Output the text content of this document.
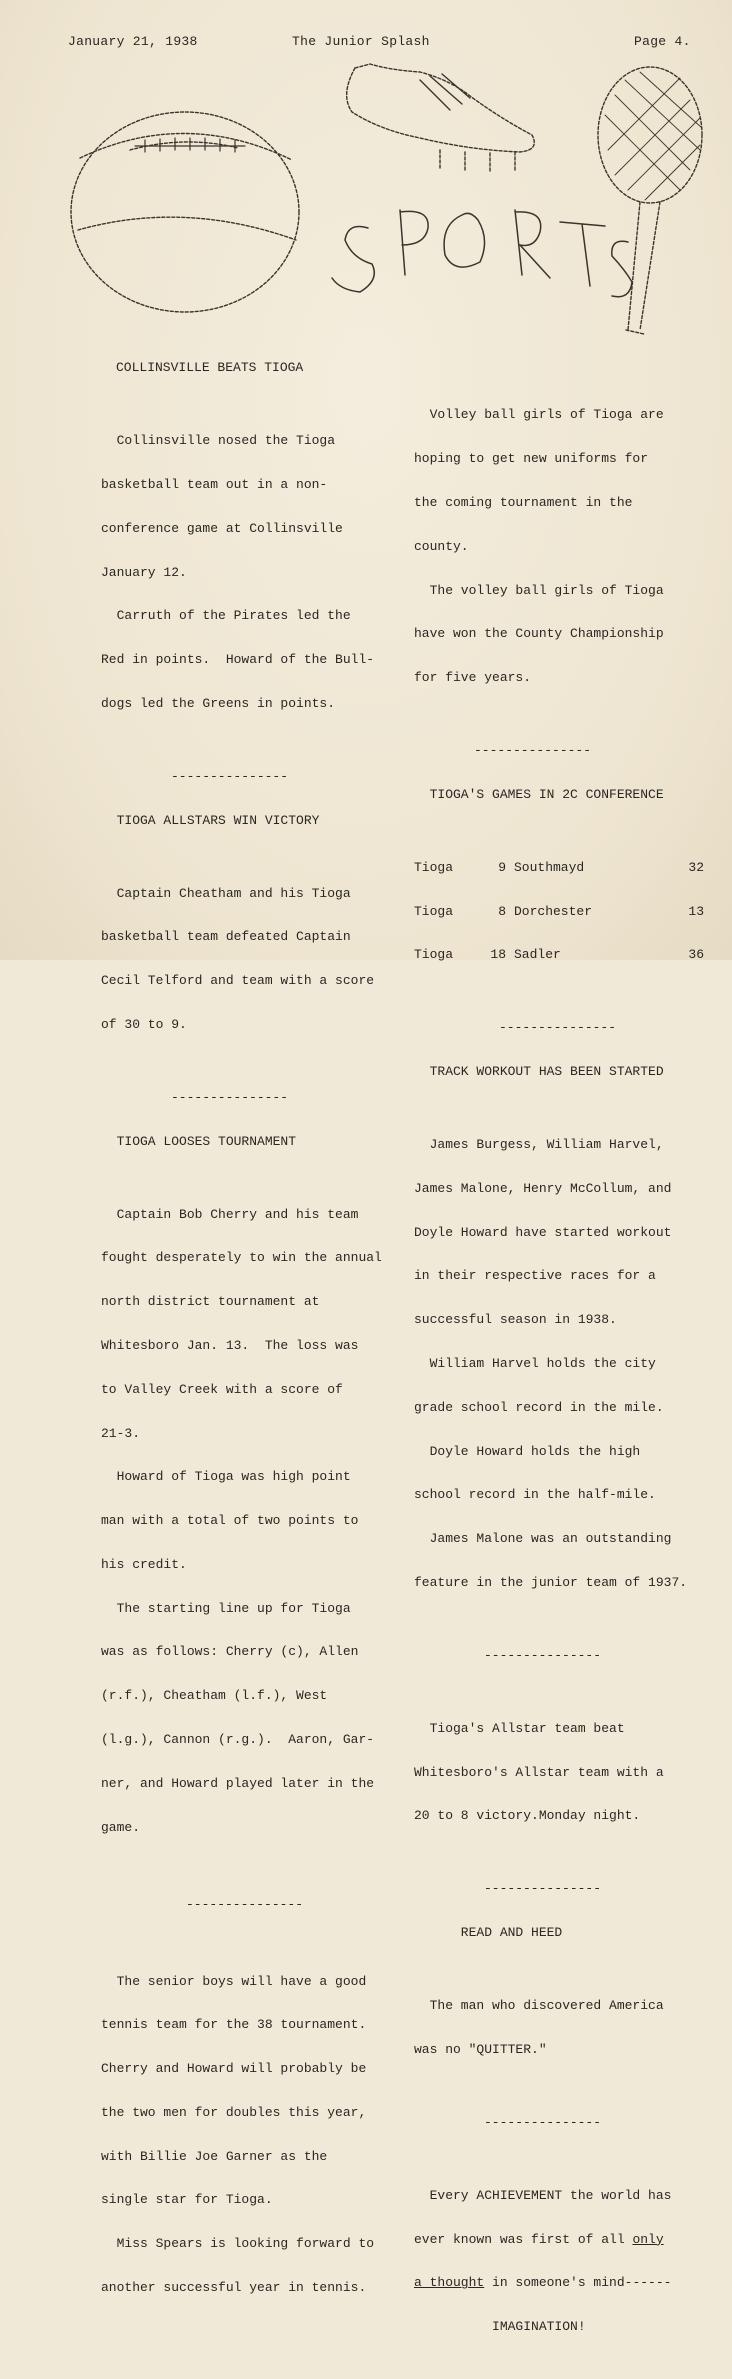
January 21, 1938	The Junior Splash	Page 4.

COLLINSVILLE BEATS TIOGA

Collinsville nosed the Tioga

basketball team out in a non-

conference game at Collinsville

January 12.

Carruth of the Pirates led the

Red in points.  Howard of the Bull-

dogs led the Greens in points.

---------------

TIOGA ALLSTARS WIN VICTORY

Captain Cheatham and his Tioga

basketball team defeated Captain

Cecil Telford and team with a score

of 30 to 9.

---------------

TIOGA LOOSES TOURNAMENT

Captain Bob Cherry and his team

fought desperately to win the annual

north district tournament at

Whitesboro Jan. 13.  The loss was

to Valley Creek with a score of

21-3.

Howard of Tioga was high point

man with a total of two points to

his credit.

The starting line up for Tioga

was as follows: Cherry (c), Allen

(r.f.), Cheatham (l.f.), West

(l.g.), Cannon (r.g.).  Aaron, Gar-

ner, and Howard played later in the

game.

---------------

The senior boys will have a good

tennis team for the 38 tournament.

Cherry and Howard will probably be

the two men for doubles this year,

with Billie Joe Garner as the

single star for Tioga.

Miss Spears is looking forward to

another successful year in tennis.

Volley ball girls of Tioga are

hoping to get new uniforms for

the coming tournament in the

county.

The volley ball girls of Tioga

have won the County Championship

for five years.

---------------

TIOGA'S GAMES IN 2C CONFERENCE

Tioga	9 Southmayd	32

Tioga	8 Dorchester	13

Tioga	18 Sadler	36

---------------

TRACK WORKOUT HAS BEEN STARTED

James Burgess, William Harvel,

James Malone, Henry McCollum, and

Doyle Howard have started workout

in their respective races for a

successful season in 1938.

William Harvel holds the city

grade school record in the mile.

Doyle Howard holds the high

school record in the half-mile.

James Malone was an outstanding

feature in the junior team of 1937.

---------------

Tioga's Allstar team beat

Whitesboro's Allstar team with a

20 to 8 victory.Monday night.

---------------

READ AND HEED

The man who discovered America

was no "QUITTER."

---------------

Every ACHIEVEMENT the world has

ever known was first of all only

a thought in someone's mind------

IMAGINATION!
